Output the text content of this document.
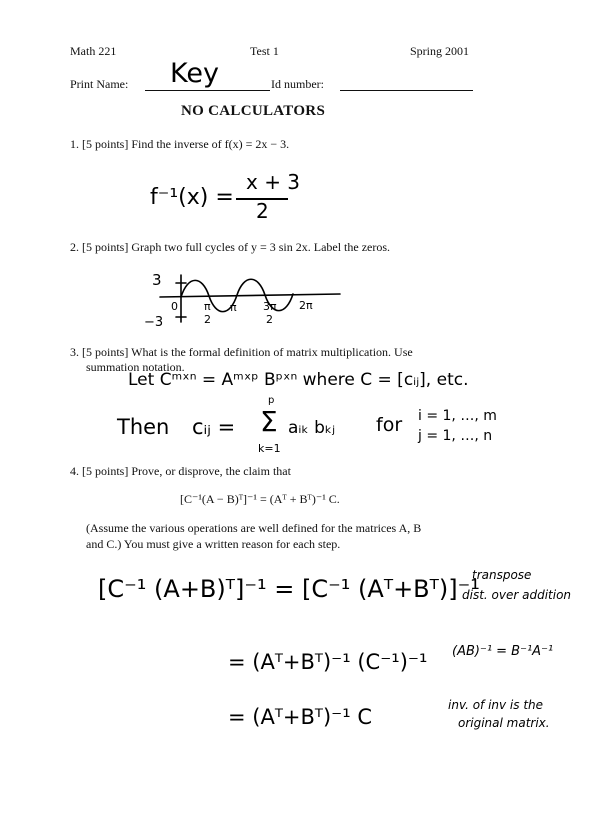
Math 221	Test 1	Spring 2001
Print Name: Key	Id number:
NO CALCULATORS
1. [5 points] Find the inverse of f(x) = 2x − 3.
f⁻¹(x) =
x + 3
2
2. [5 points] Graph two full cycles of y = 3 sin 2x. Label the zeros.
3
−3
0 π
2
π 3π
2
2π
3. [5 points] What is the formal definition of matrix multiplication. Use
summation notation.
Let Cᵐˣⁿ = Aᵐˣᵖ Bᵖˣⁿ where C = [cᵢⱼ], etc.
Then cᵢⱼ =
p
Σ
k=1
aᵢₖ bₖⱼ for i = 1, …, m
j = 1, …, n
4. [5 points] Prove, or disprove, the claim that
[C⁻¹(A − B)ᵀ]⁻¹ = (Aᵀ + Bᵀ)⁻¹ C.
(Assume the various operations are well defined for the matrices A, B
and C.) You must give a written reason for each step.
[C⁻¹ (A+B)ᵀ]⁻¹ = [C⁻¹ (Aᵀ+Bᵀ)]⁻¹
transpose
dist. over addition
= (Aᵀ+Bᵀ)⁻¹ (C⁻¹)⁻¹ (AB)⁻¹ = B⁻¹A⁻¹
= (Aᵀ+Bᵀ)⁻¹ C	inv. of inv is the
original matrix.
